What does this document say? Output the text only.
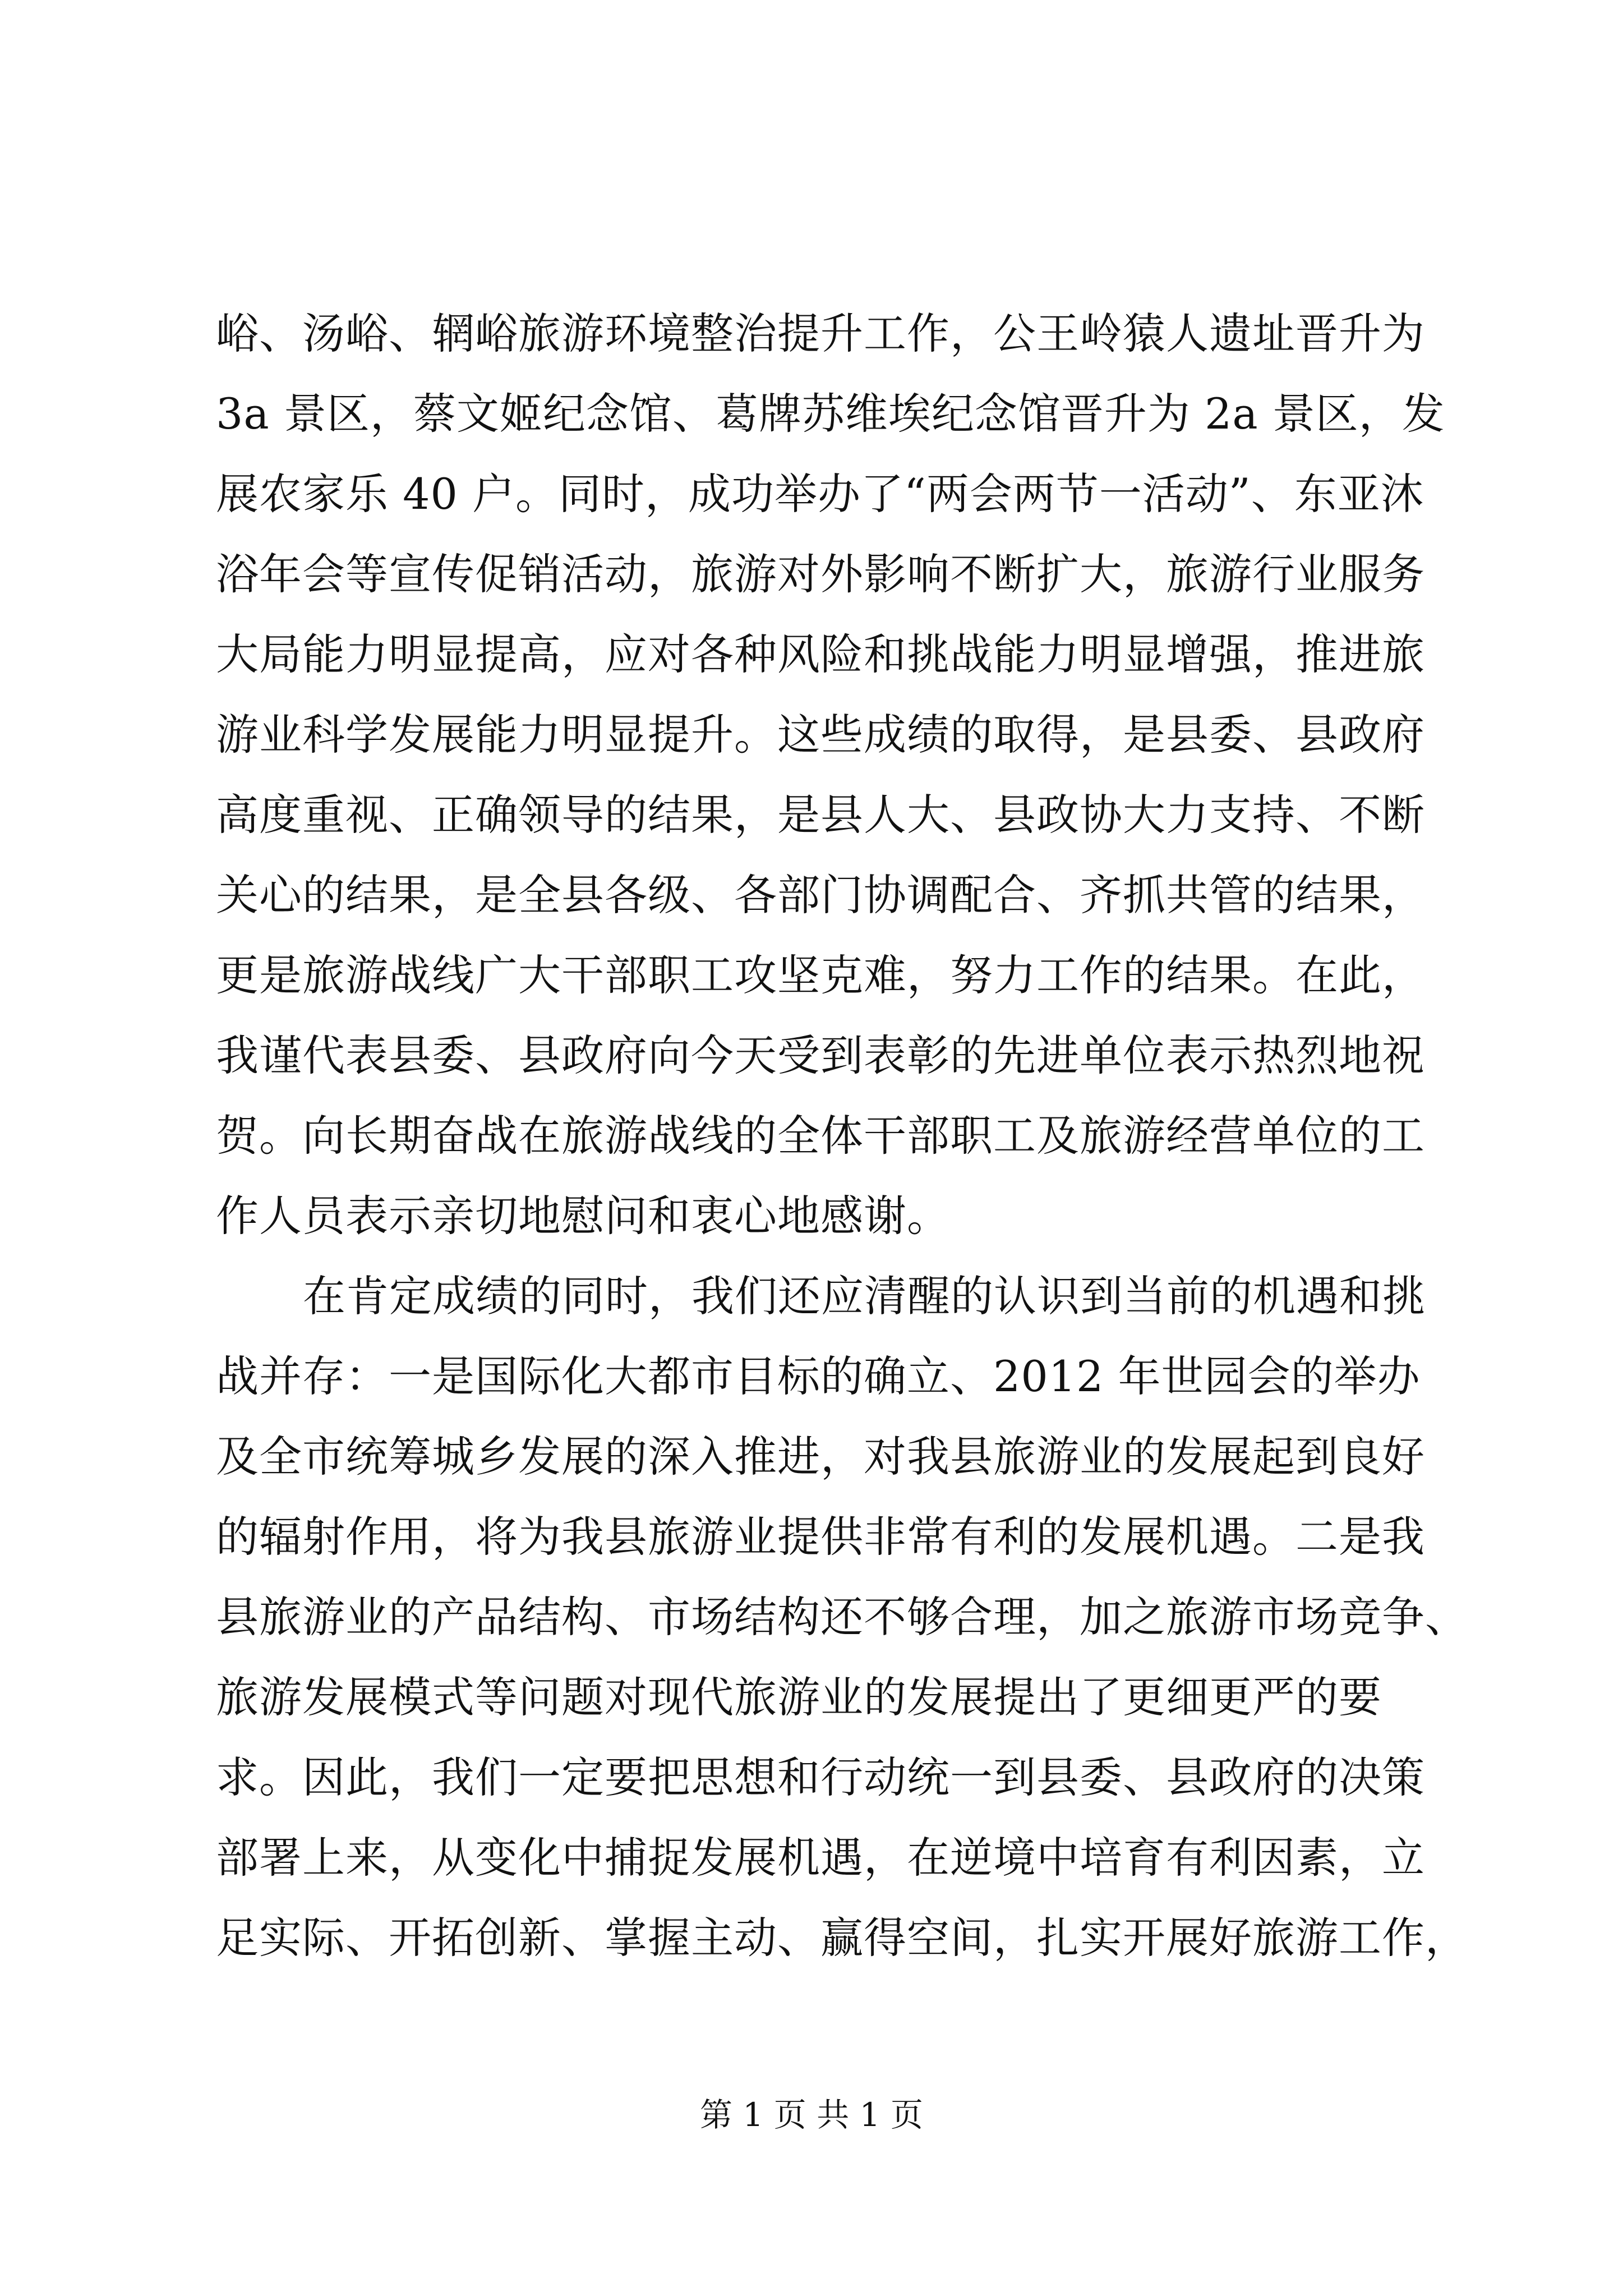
峪、汤峪、辋峪旅游环境整治提升工作，公王岭猿人遗址晋升为
3a 景区，蔡文姬纪念馆、葛牌苏维埃纪念馆晋升为 2a 景区，发
展农家乐 40 户。同时，成功举办了“两会两节一活动”、东亚沐
浴年会等宣传促销活动，旅游对外影响不断扩大，旅游行业服务
大局能力明显提高，应对各种风险和挑战能力明显增强，推进旅
游业科学发展能力明显提升。这些成绩的取得，是县委、县政府
高度重视、正确领导的结果，是县人大、县政协大力支持、不断
关心的结果，是全县各级、各部门协调配合、齐抓共管的结果，
更是旅游战线广大干部职工攻坚克难，努力工作的结果。在此，
我谨代表县委、县政府向今天受到表彰的先进单位表示热烈地祝
贺。向长期奋战在旅游战线的全体干部职工及旅游经营单位的工
作人员表示亲切地慰问和衷心地感谢。
在肯定成绩的同时，我们还应清醒的认识到当前的机遇和挑
战并存：一是国际化大都市目标的确立、2012 年世园会的举办
及全市统筹城乡发展的深入推进，对我县旅游业的发展起到良好
的辐射作用，将为我县旅游业提供非常有利的发展机遇。二是我
县旅游业的产品结构、市场结构还不够合理，加之旅游市场竞争、
旅游发展模式等问题对现代旅游业的发展提出了更细更严的要
求。因此，我们一定要把思想和行动统一到县委、县政府的决策
部署上来，从变化中捕捉发展机遇，在逆境中培育有利因素，立
足实际、开拓创新、掌握主动、赢得空间，扎实开展好旅游工作，
第 1 页 共 1 页
